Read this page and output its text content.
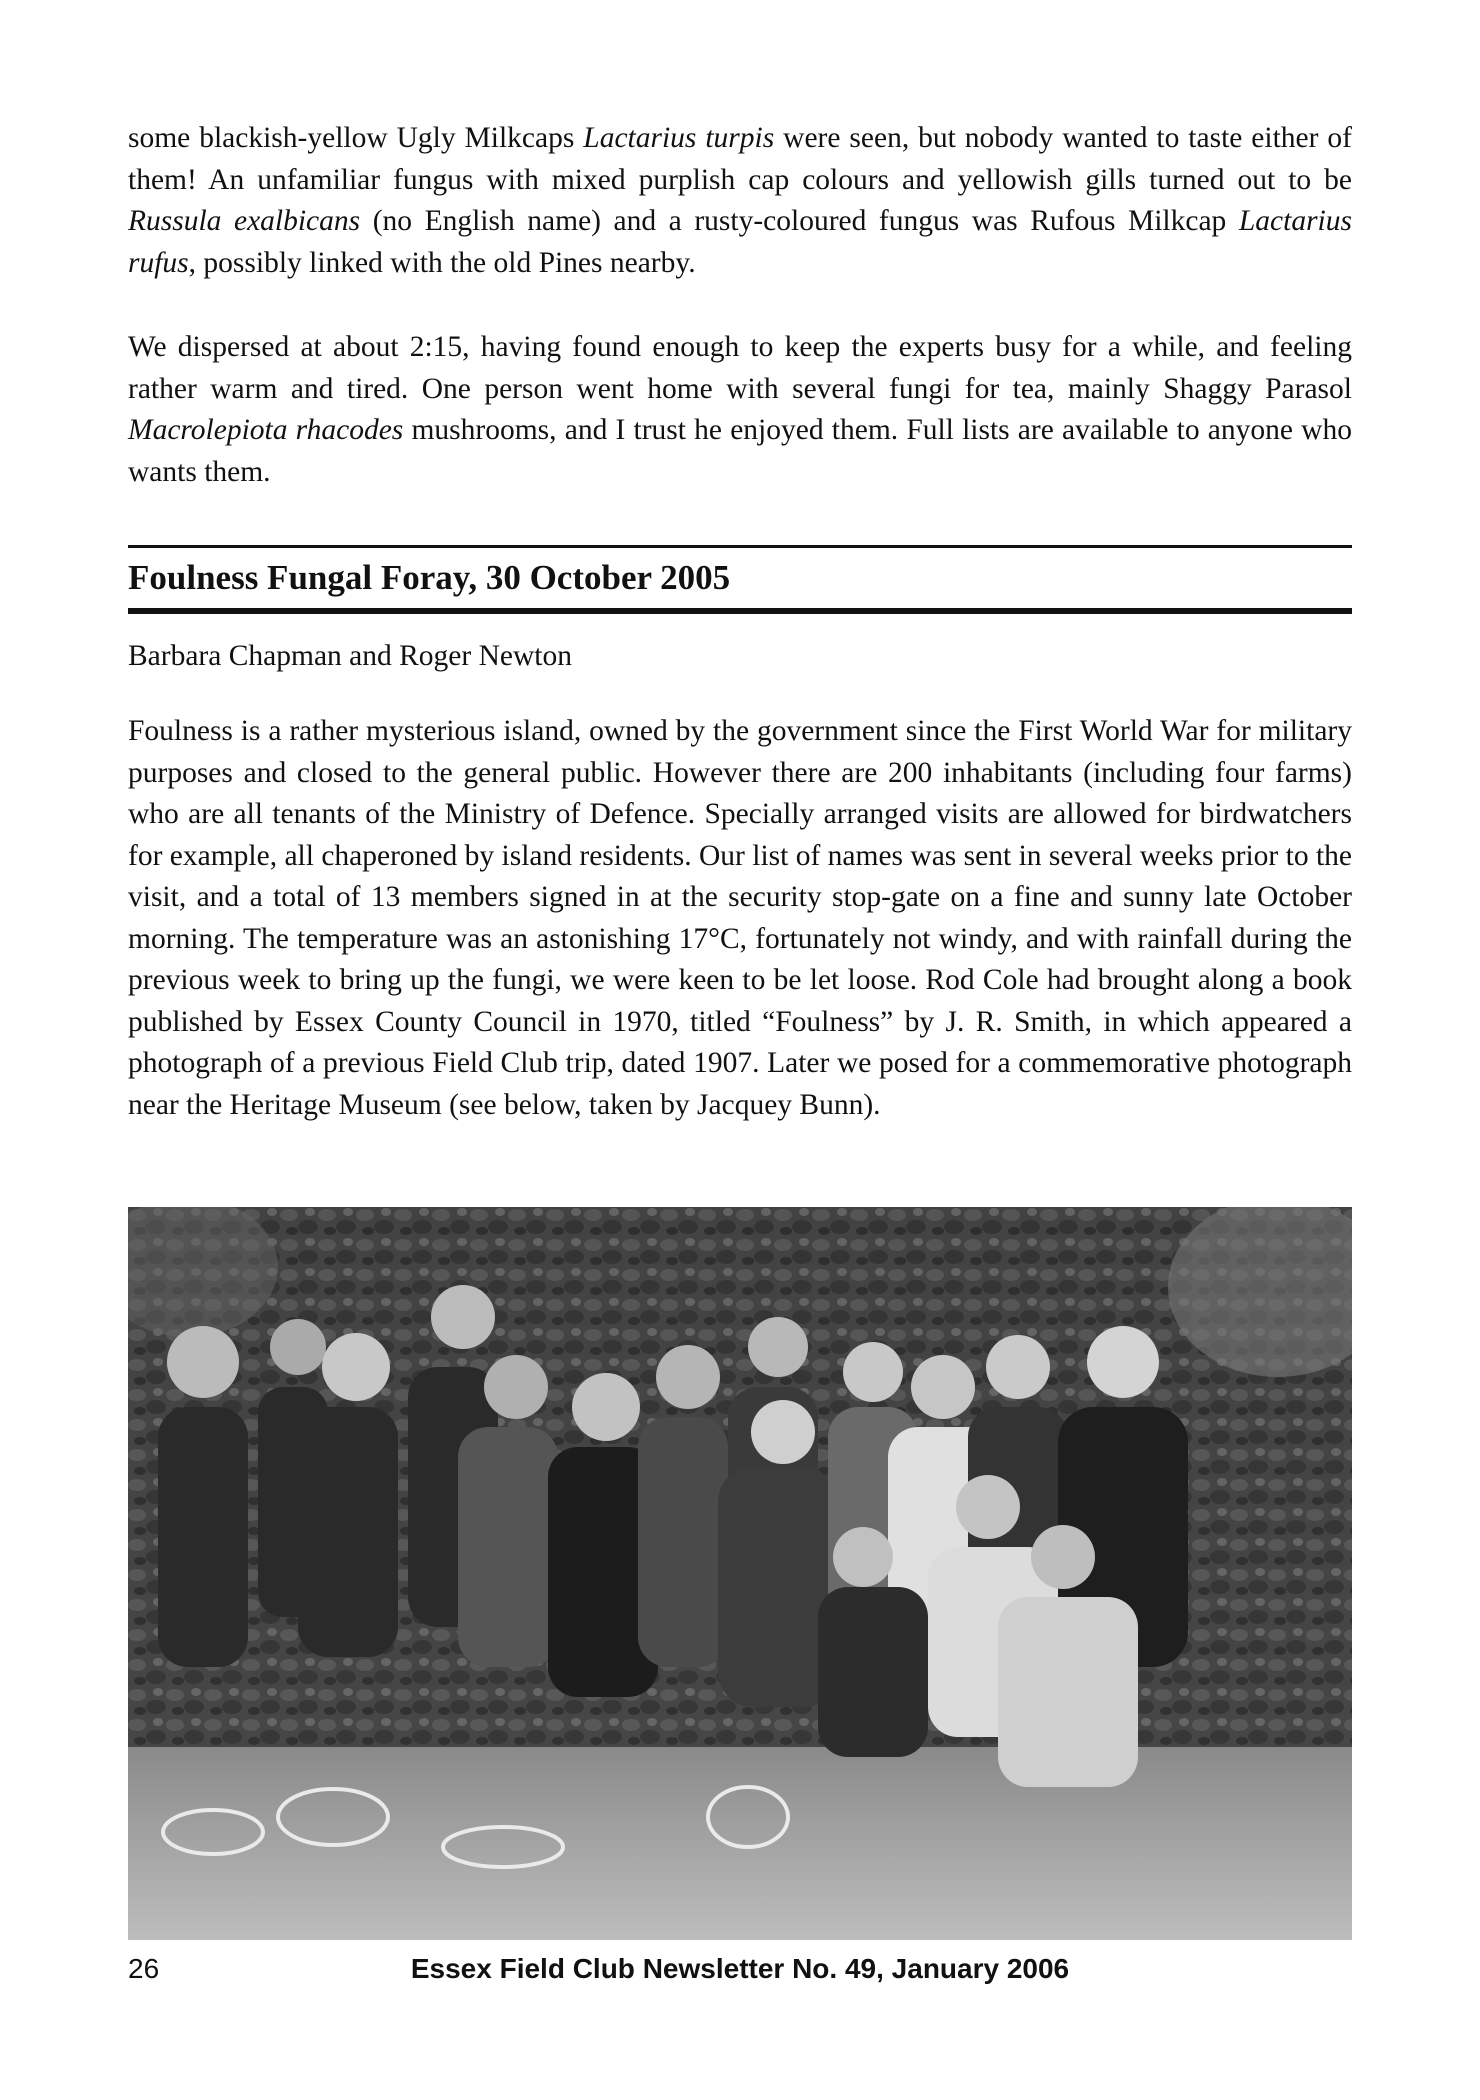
some blackish-yellow Ugly Milkcaps Lactarius turpis were seen, but nobody wanted to taste either of them! An unfamiliar fungus with mixed purplish cap colours and yellowish gills turned out to be Russula exalbicans (no English name) and a rusty-coloured fungus was Rufous Milkcap Lactarius rufus, possibly linked with the old Pines nearby.

We dispersed at about 2:15, having found enough to keep the experts busy for a while, and feeling rather warm and tired. One person went home with several fungi for tea, mainly Shaggy Parasol Macrolepiota rhacodes mushrooms, and I trust he enjoyed them. Full lists are available to anyone who wants them.

Foulness Fungal Foray, 30 October 2005

Barbara Chapman and Roger Newton

Foulness is a rather mysterious island, owned by the government since the First World War for military purposes and closed to the general public. However there are 200 inhabitants (including four farms) who are all tenants of the Ministry of Defence. Specially arranged visits are allowed for birdwatchers for example, all chaperoned by island residents. Our list of names was sent in several weeks prior to the visit, and a total of 13 members signed in at the security stop-gate on a fine and sunny late October morning. The temperature was an astonishing 17°C, fortunately not windy, and with rainfall during the previous week to bring up the fungi, we were keen to be let loose. Rod Cole had brought along a book published by Essex County Council in 1970, titled “Foulness” by J. R. Smith, in which appeared a photograph of a previous Field Club trip, dated 1907. Later we posed for a commemorative photograph near the Heritage Museum (see below, taken by Jacquey Bunn).

26	Essex Field Club Newsletter No. 49, January 2006
